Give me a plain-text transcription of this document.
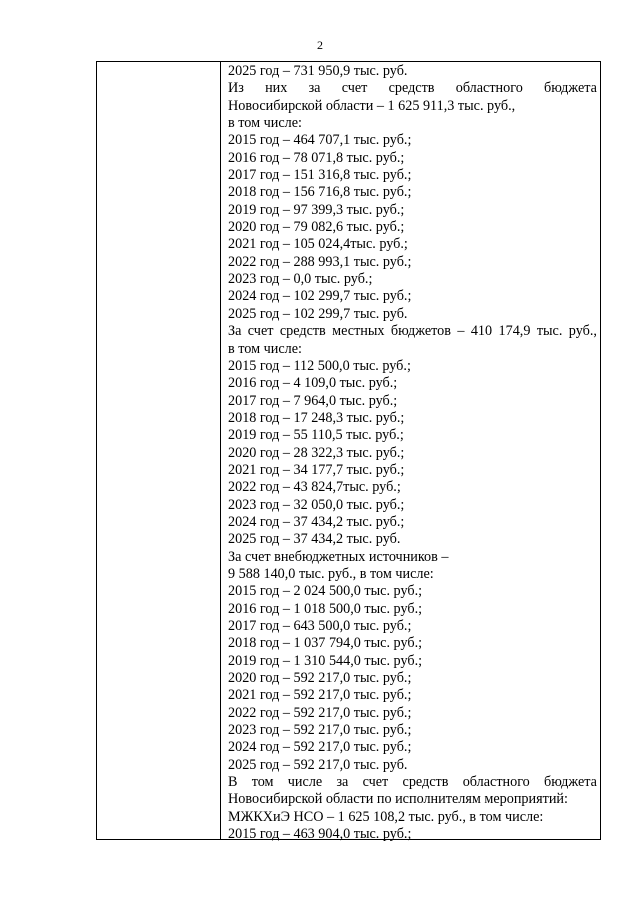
2
2025 год – 731 950,9 тыс. руб.
Из них за счет средств областного бюджета
Новосибирской области – 1 625 911,3 тыс. руб.,
в том числе:
2015 год – 464 707,1 тыс. руб.;
2016 год – 78 071,8 тыс. руб.;
2017 год – 151 316,8 тыс. руб.;
2018 год – 156 716,8 тыс. руб.;
2019 год – 97 399,3 тыс. руб.;
2020 год – 79 082,6 тыс. руб.;
2021 год – 105 024,4тыс. руб.;
2022 год – 288 993,1 тыс. руб.;
2023 год – 0,0 тыс. руб.;
2024 год – 102 299,7 тыс. руб.;
2025 год – 102 299,7 тыс. руб.
За счет средств местных бюджетов – 410 174,9 тыс. руб.,
в том числе:
2015 год – 112 500,0 тыс. руб.;
2016 год – 4 109,0 тыс. руб.;
2017 год – 7 964,0 тыс. руб.;
2018 год – 17 248,3 тыс. руб.;
2019 год – 55 110,5 тыс. руб.;
2020 год – 28 322,3 тыс. руб.;
2021 год – 34 177,7 тыс. руб.;
2022 год – 43 824,7тыс. руб.;
2023 год – 32 050,0 тыс. руб.;
2024 год – 37 434,2 тыс. руб.;
2025 год – 37 434,2 тыс. руб.
За счет внебюджетных источников –
9 588 140,0 тыс. руб., в том числе:
2015 год – 2 024 500,0 тыс. руб.;
2016 год – 1 018 500,0 тыс. руб.;
2017 год – 643 500,0 тыс. руб.;
2018 год – 1 037 794,0 тыс. руб.;
2019 год – 1 310 544,0 тыс. руб.;
2020 год – 592 217,0 тыс. руб.;
2021 год – 592 217,0 тыс. руб.;
2022 год – 592 217,0 тыс. руб.;
2023 год – 592 217,0 тыс. руб.;
2024 год – 592 217,0 тыс. руб.;
2025 год – 592 217,0 тыс. руб.
В том числе за счет средств областного бюджета
Новосибирской области по исполнителям мероприятий:
МЖКХиЭ НСО – 1 625 108,2 тыс. руб., в том числе:
2015 год – 463 904,0 тыс. руб.;
